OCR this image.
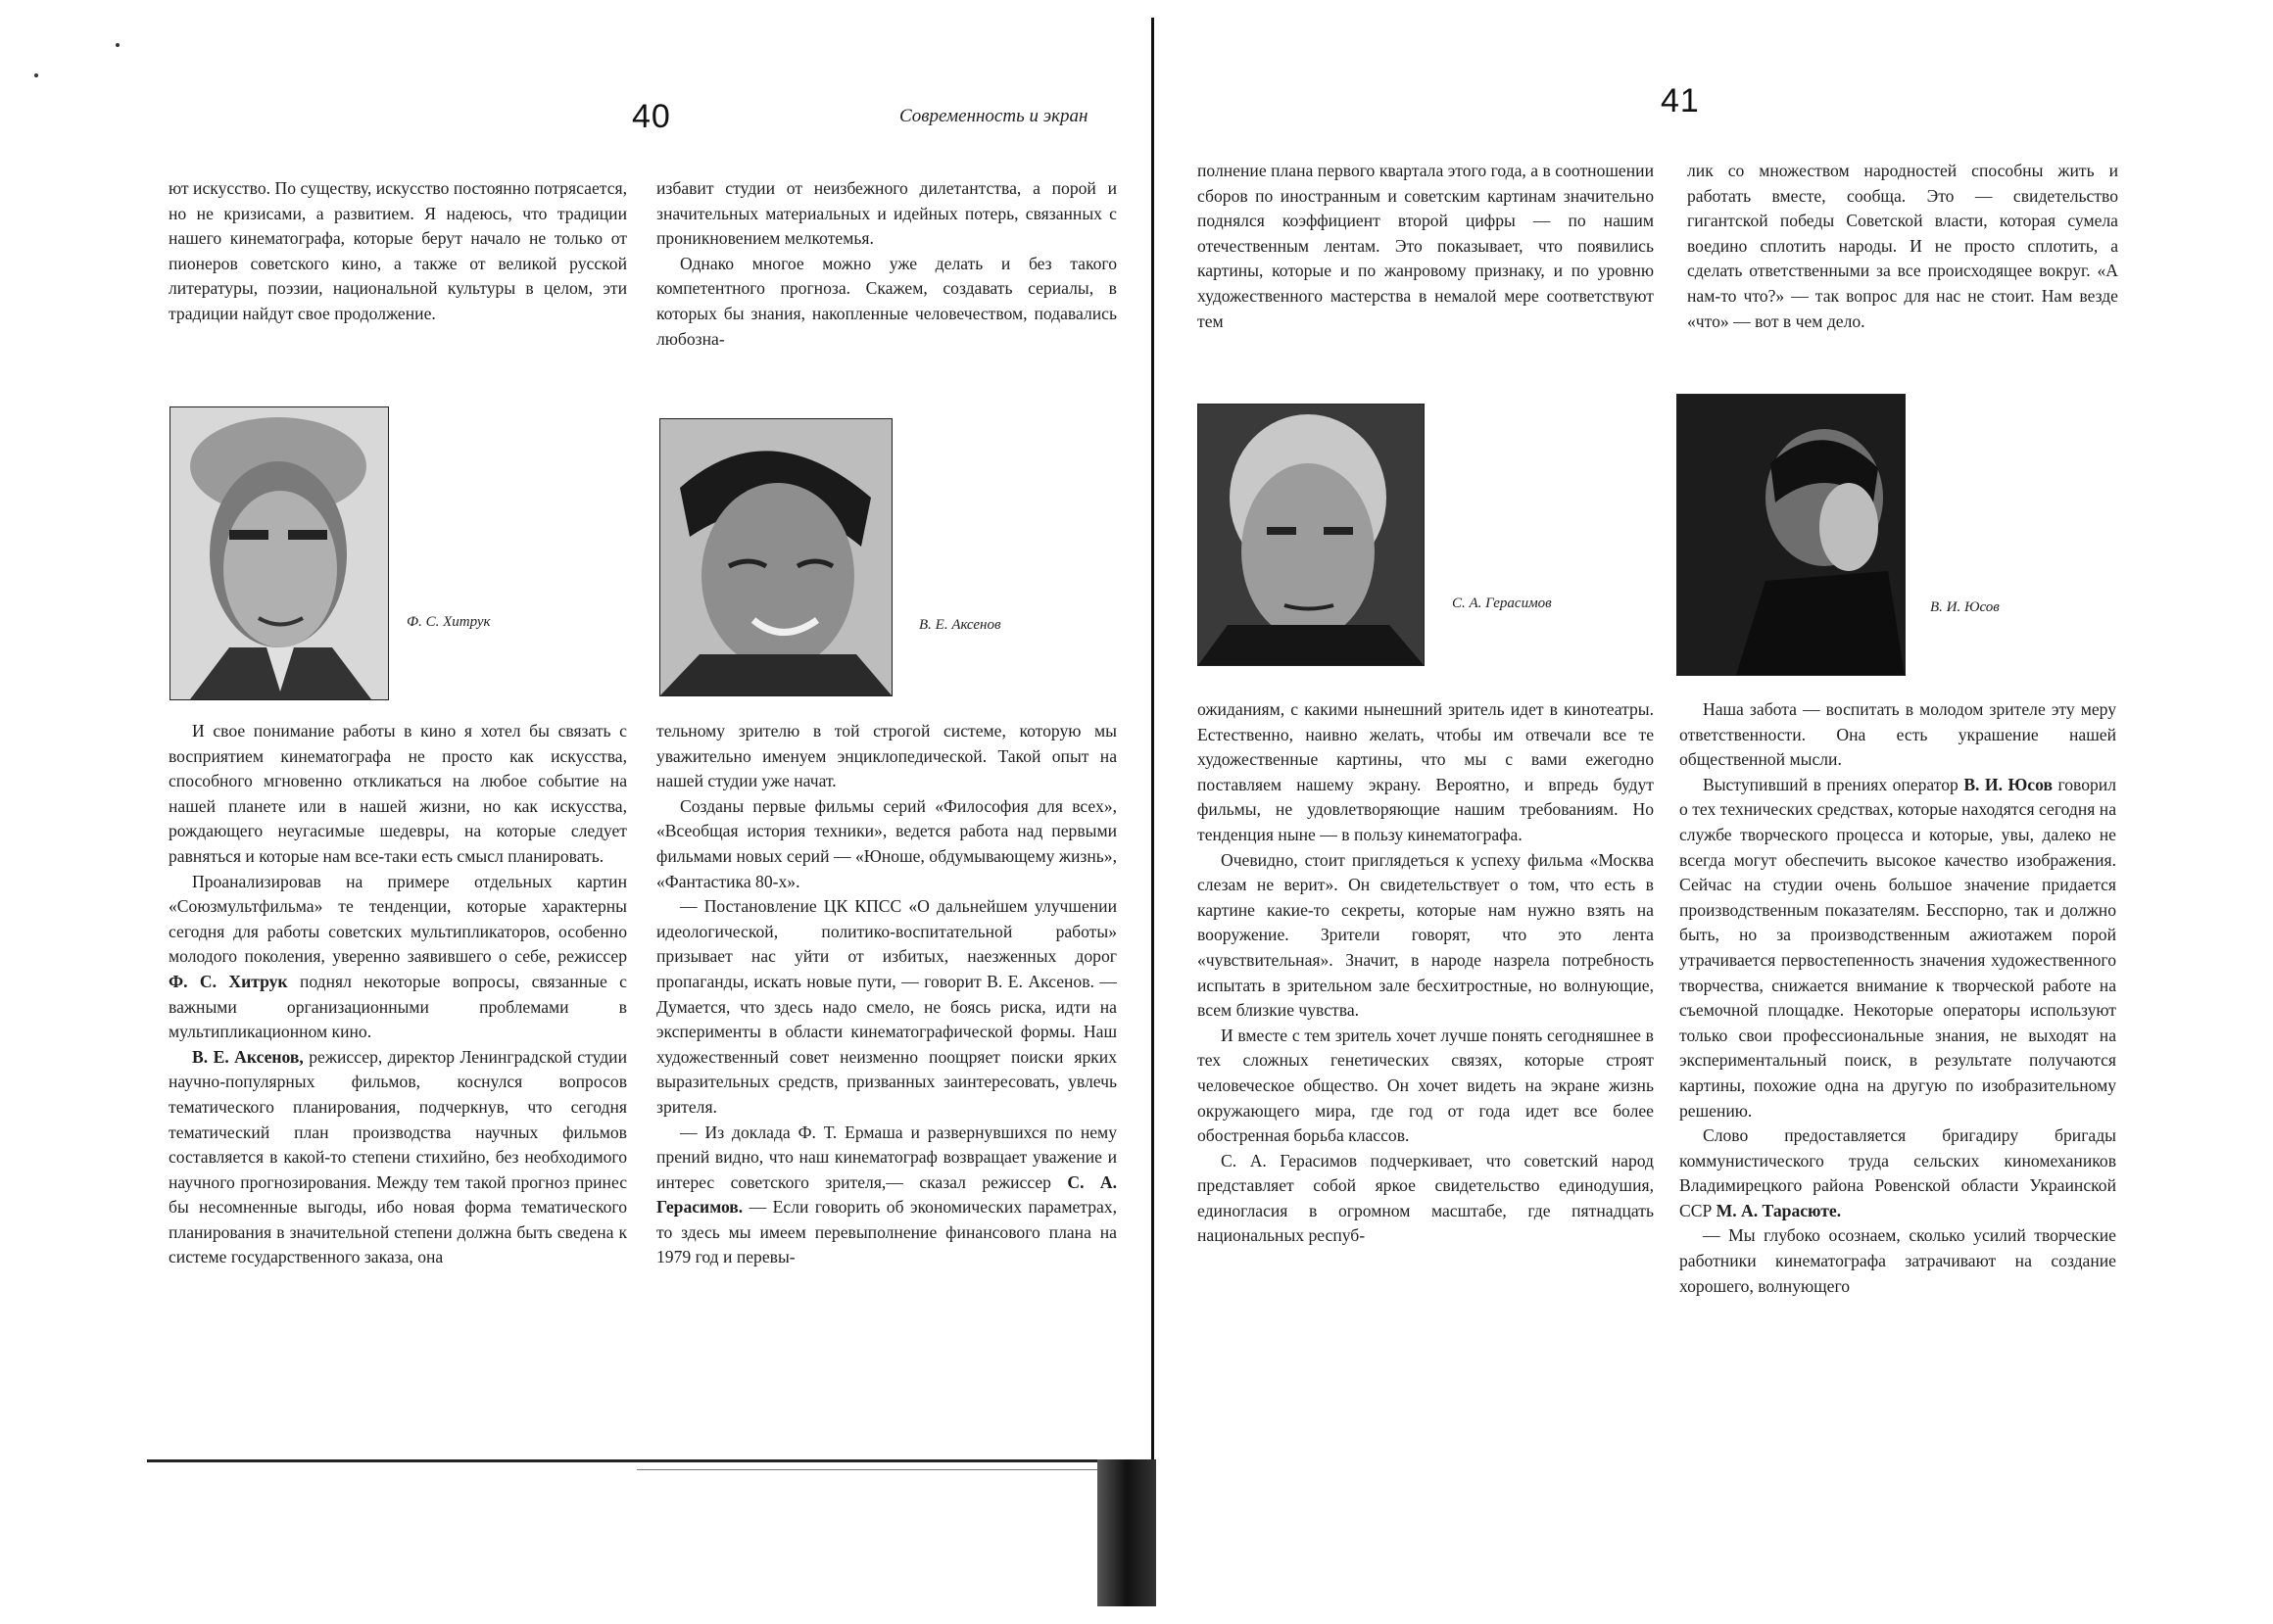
40	Современность и экран

ют искусство. По существу, искусство постоянно потрясается, но не кризисами, а развитием. Я надеюсь, что традиции нашего кинематографа, которые берут начало не только от пионеров советского кино, а также от великой русской литературы, поэзии, национальной культуры в целом, эти традиции найдут свое продолжение.

избавит студии от неизбежного дилетантства, а порой и значительных материальных и идейных потерь, связанных с проникновением мелкотемья.

Однако многое можно уже делать и без такого компетентного прогноза. Скажем, создавать сериалы, в которых бы знания, накопленные человечеством, подавались любозна-

Ф. С. Хитрук	В. Е. Аксенов

И свое понимание работы в кино я хотел бы связать с восприятием кинематографа не просто как искусства, способного мгновенно откликаться на любое событие на нашей планете или в нашей жизни, но как искусства, рождающего неугасимые шедевры, на которые следует равняться и которые нам все-таки есть смысл планировать.

Проанализировав на примере отдельных картин «Союзмультфильма» те тенденции, которые характерны сегодня для работы советских мультипликаторов, особенно молодого поколения, уверенно заявившего о себе, режиссер Ф. С. Хитрук поднял некоторые вопросы, связанные с важными организационными проблемами в мультипликационном кино.

В. Е. Аксенов, режиссер, директор Ленинградской студии научно-популярных фильмов, коснулся вопросов тематического планирования, подчеркнув, что сегодня тематический план производства научных фильмов составляется в какой-то степени стихийно, без необходимого научного прогнозирования. Между тем такой прогноз принес бы несомненные выгоды, ибо новая форма тематического планирования в значительной степени должна быть сведена к системе государственного заказа, она

тельному зрителю в той строгой системе, которую мы уважительно именуем энциклопедической. Такой опыт на нашей студии уже начат.

Созданы первые фильмы серий «Философия для всех», «Всеобщая история техники», ведется работа над первыми фильмами новых серий — «Юноше, обдумывающему жизнь», «Фантастика 80-х».

— Постановление ЦК КПСС «О дальнейшем улучшении идеологической, политико-воспитательной работы» призывает нас уйти от избитых, наезженных дорог пропаганды, искать новые пути, — говорит В. Е. Аксенов. — Думается, что здесь надо смело, не боясь риска, идти на эксперименты в области кинематографической формы. Наш художественный совет неизменно поощряет поиски ярких выразительных средств, призванных заинтересовать, увлечь зрителя.

— Из доклада Ф. Т. Ермаша и развернувшихся по нему прений видно, что наш кинематограф возвращает уважение и интерес советского зрителя,— сказал режиссер С. А. Герасимов. — Если говорить об экономических параметрах, то здесь мы имеем перевыполнение финансового плана на 1979 год и перевы-

41

полнение плана первого квартала этого года, а в соотношении сборов по иностранным и советским картинам значительно поднялся коэффициент второй цифры — по нашим отечественным лентам. Это показывает, что появились картины, которые и по жанровому признаку, и по уровню художественного мастерства в немалой мере соответствуют тем

лик со множеством народностей способны жить и работать вместе, сообща. Это — свидетельство гигантской победы Советской власти, которая сумела воедино сплотить народы. И не просто сплотить, а сделать ответственными за все происходящее вокруг. «А нам-то что?» — так вопрос для нас не стоит. Нам везде «что» — вот в чем дело.

С. А. Герасимов	В. И. Юсов

ожиданиям, с какими нынешний зритель идет в кинотеатры. Естественно, наивно желать, чтобы им отвечали все те художественные картины, что мы с вами ежегодно поставляем нашему экрану. Вероятно, и впредь будут фильмы, не удовлетворяющие нашим требованиям. Но тенденция ныне — в пользу кинематографа.

Очевидно, стоит приглядеться к успеху фильма «Москва слезам не верит». Он свидетельствует о том, что есть в картине какие-то секреты, которые нам нужно взять на вооружение. Зрители говорят, что это лента «чувствительная». Значит, в народе назрела потребность испытать в зрительном зале бесхитростные, но волнующие, всем близкие чувства.

И вместе с тем зритель хочет лучше понять сегодняшнее в тех сложных генетических связях, которые строят человеческое общество. Он хочет видеть на экране жизнь окружающего мира, где год от года идет все более обостренная борьба классов.

С. А. Герасимов подчеркивает, что советский народ представляет собой яркое свидетельство единодушия, единогласия в огромном масштабе, где пятнадцать национальных респуб-

Наша забота — воспитать в молодом зрителе эту меру ответственности. Она есть украшение нашей общественной мысли.

Выступивший в прениях оператор В. И. Юсов говорил о тех технических средствах, которые находятся сегодня на службе творческого процесса и которые, увы, далеко не всегда могут обеспечить высокое качество изображения. Сейчас на студии очень большое значение придается производственным показателям. Бесспорно, так и должно быть, но за производственным ажиотажем порой утрачивается первостепенность значения художественного творчества, снижается внимание к творческой работе на съемочной площадке. Некоторые операторы используют только свои профессиональные знания, не выходят на экспериментальный поиск, в результате получаются картины, похожие одна на другую по изобразительному решению.

Слово предоставляется бригадиру бригады коммунистического труда сельских киномехаников Владимирецкого района Ровенской области Украинской ССР М. А. Тарасюте.

— Мы глубоко осознаем, сколько усилий творческие работники кинематографа затрачивают на создание хорошего, волнующего
